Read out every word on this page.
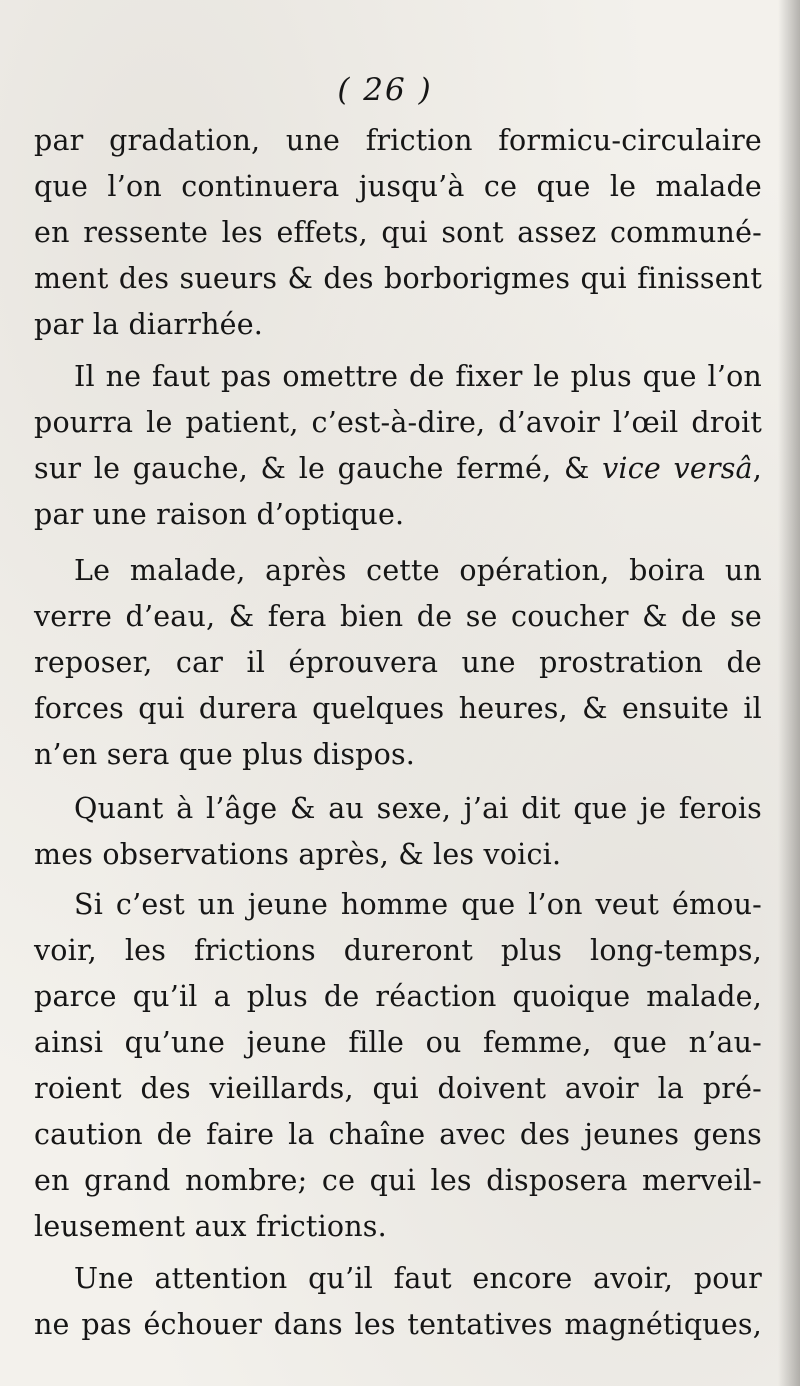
( 26 )
par gradation, une friction formicu-circulaire
que l’on continuera jusqu’à ce que le malade
en ressente les effets, qui sont assez communé-
ment des sueurs & des borborigmes qui finissent
par la diarrhée.
Il ne faut pas omettre de fixer le plus que l’on
pourra le patient, c’est-à-dire, d’avoir l’œil droit
sur le gauche, & le gauche fermé, & vice versâ,
par une raison d’optique.
Le malade, après cette opération, boira un
verre d’eau, & fera bien de se coucher & de se
reposer, car il éprouvera une prostration de
forces qui durera quelques heures, & ensuite il
n’en sera que plus dispos.
Quant à l’âge & au sexe, j’ai dit que je ferois
mes observations après, & les voici.
Si c’est un jeune homme que l’on veut émou-
voir, les frictions dureront plus long-temps,
parce qu’il a plus de réaction quoique malade,
ainsi qu’une jeune fille ou femme, que n’au-
roient des vieillards, qui doivent avoir la pré-
caution de faire la chaîne avec des jeunes gens
en grand nombre; ce qui les disposera merveil-
leusement aux frictions.
Une attention qu’il faut encore avoir, pour
ne pas échouer dans les tentatives magnétiques,
